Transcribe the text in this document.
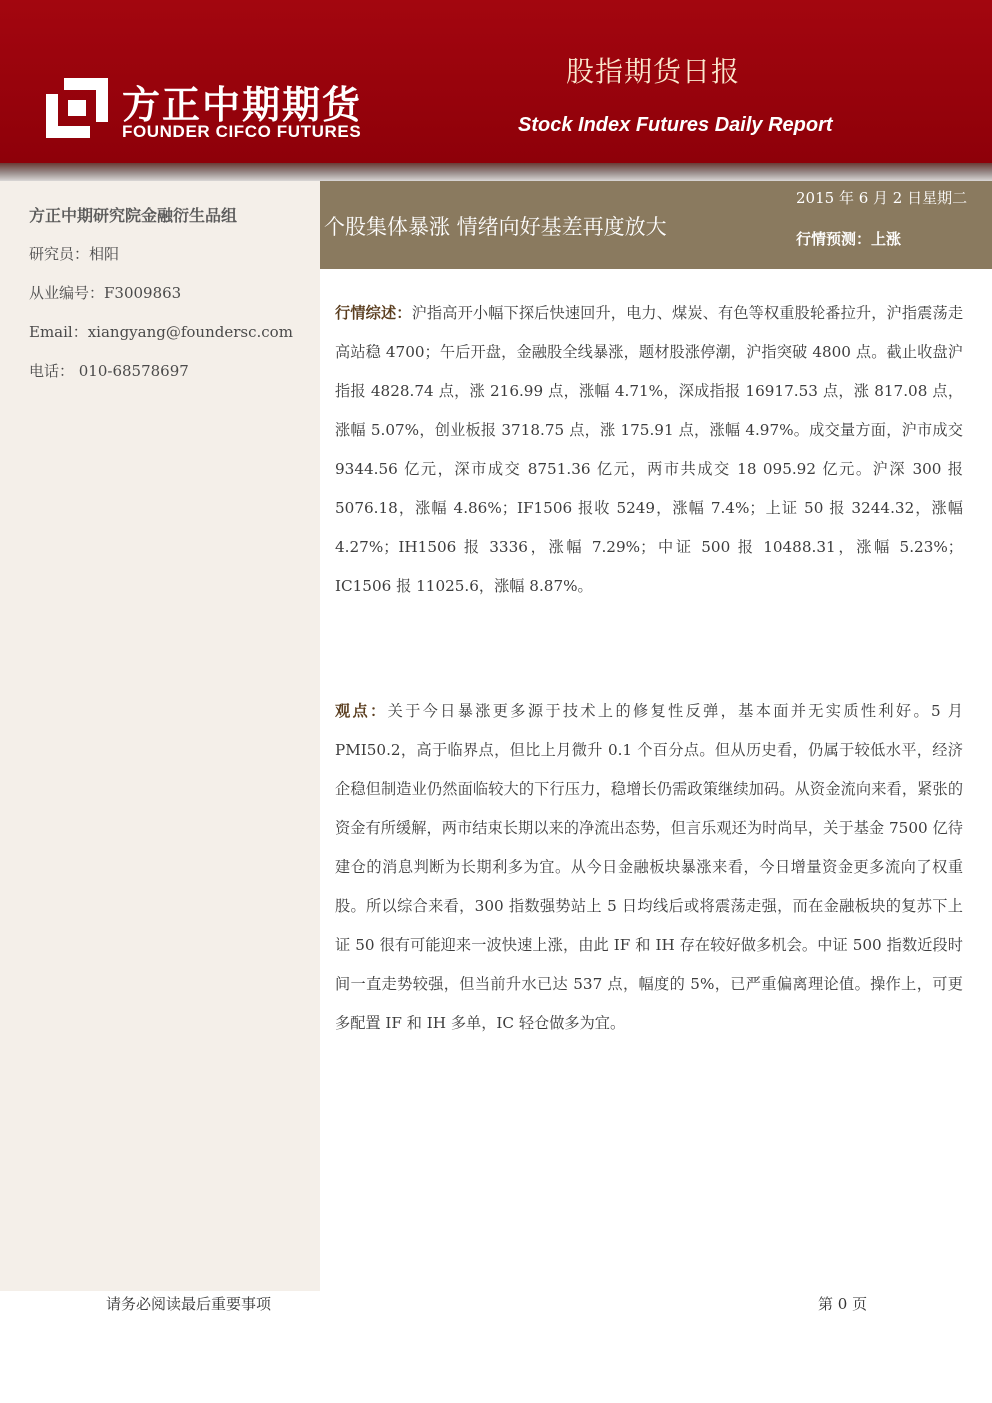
方正中期期货
FOUNDER CIFCO FUTURES
股指期货日报
Stock Index Futures Daily Report
方正中期研究院金融衍生品组
研究员：相阳
从业编号：F3009863
Email：xiangyang@foundersc.com
电话： 010-68578697
个股集体暴涨 情绪向好基差再度放大
2015 年 6 月 2 日星期二
行情预测：上涨
行情综述：沪指高开小幅下探后快速回升，电力、煤炭、有色等权重股轮番拉升，沪指震荡走高站稳 4700；午后开盘，金融股全线暴涨，题材股涨停潮，沪指突破 4800 点。截止收盘沪指报 4828.74 点，涨 216.99 点，涨幅 4.71%，深成指报 16917.53 点，涨 817.08 点，涨幅 5.07%，创业板报 3718.75 点，涨 175.91 点，涨幅 4.97%。成交量方面，沪市成交 9344.56 亿元，深市成交 8751.36 亿元，两市共成交 18 095.92 亿元。沪深 300 报 5076.18，涨幅 4.86%；IF1506 报收 5249，涨幅 7.4%；上证 50 报 3244.32，涨幅 4.27%；IH1506 报 3336，涨幅 7.29%；中证 500 报 10488.31，涨幅 5.23%；IC1506 报 11025.6，涨幅 8.87%。
观点：关于今日暴涨更多源于技术上的修复性反弹，基本面并无实质性利好。5 月 PMI50.2，高于临界点，但比上月微升 0.1 个百分点。但从历史看，仍属于较低水平，经济企稳但制造业仍然面临较大的下行压力，稳增长仍需政策继续加码。从资金流向来看，紧张的资金有所缓解，两市结束长期以来的净流出态势，但言乐观还为时尚早，关于基金 7500 亿待建仓的消息判断为长期利多为宜。从今日金融板块暴涨来看，今日增量资金更多流向了权重股。所以综合来看，300 指数强势站上 5 日均线后或将震荡走强，而在金融板块的复苏下上证 50 很有可能迎来一波快速上涨，由此 IF 和 IH 存在较好做多机会。中证 500 指数近段时间一直走势较强，但当前升水已达 537 点，幅度的 5%，已严重偏离理论值。操作上，可更多配置 IF 和 IH 多单，IC 轻仓做多为宜。
请务必阅读最后重要事项	第 0 页
